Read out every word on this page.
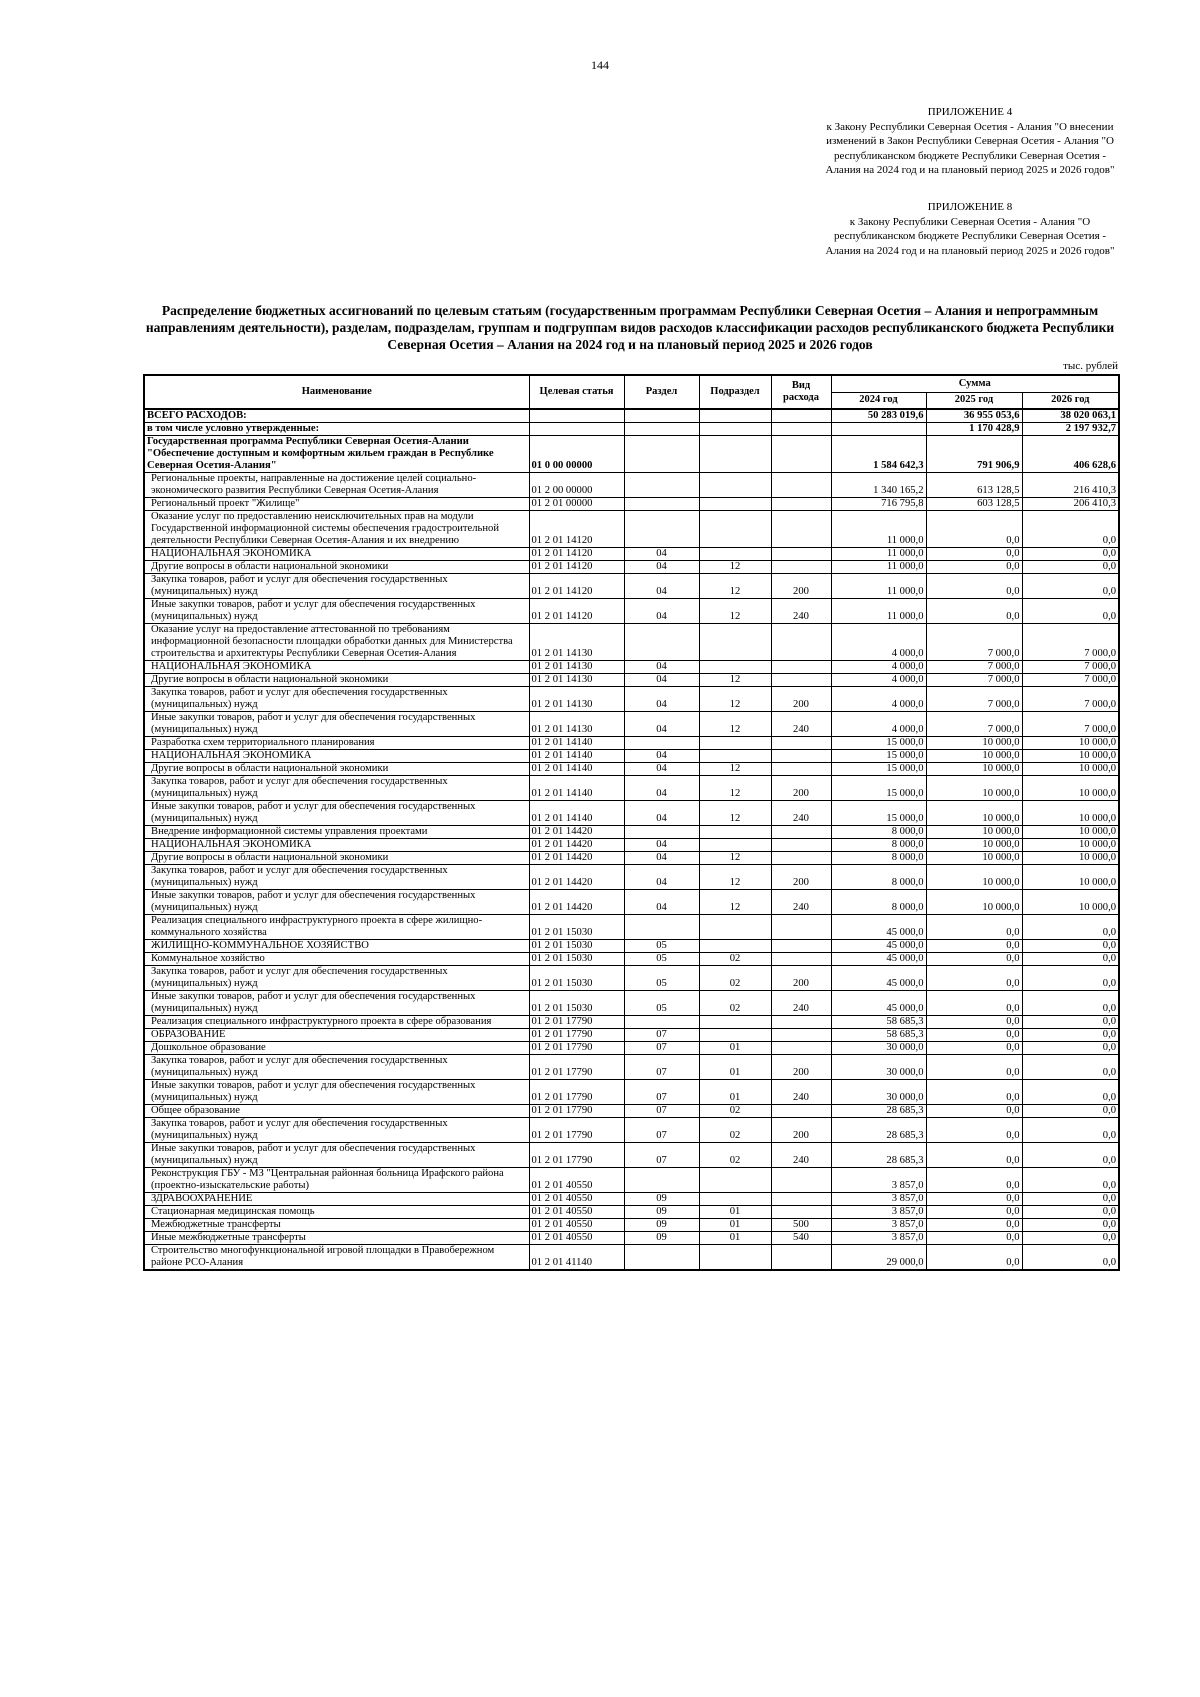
144
ПРИЛОЖЕНИЕ 4
к Закону Республики Северная Осетия - Алания "О внесении изменений в Закон Республики Северная Осетия - Алания "О республиканском бюджете Республики Северная Осетия - Алания на 2024 год и на плановый период 2025 и 2026 годов"
ПРИЛОЖЕНИЕ 8
к Закону Республики Северная Осетия - Алания "О республиканском бюджете Республики Северная Осетия - Алания на 2024 год и на плановый период 2025 и 2026 годов"
Распределение бюджетных ассигнований по целевым статьям (государственным программам Республики Северная Осетия – Алания и непрограммным направлениям деятельности), разделам, подразделам, группам и подгруппам видов расходов классификации расходов республиканского бюджета Республики Северная Осетия – Алания на 2024 год и на плановый период 2025 и 2026 годов
тыс. рублей
Наименование	Целевая статья	Раздел	Подраздел	Вид расхода	Сумма		
					2024 год	2025 год	2026 год
ВСЕГО РАСХОДОВ:					50 283 019,6	36 955 053,6	38 020 063,1
в том числе условно утвержденные:						1 170 428,9	2 197 932,7
Государственная программа Республики Северная Осетия-Алании "Обеспечение доступным и комфортным жильем граждан в Республике Северная Осетия-Алания"	01 0 00 00000				1 584 642,3	791 906,9	406 628,6
Региональные проекты, направленные на достижение целей социально-экономического развития Республики Северная Осетия-Алания	01 2 00 00000				1 340 165,2	613 128,5	216 410,3
Региональный проект "Жилище"	01 2 01 00000				716 795,8	603 128,5	206 410,3
Оказание услуг по предоставлению неисключительных прав на модули Государственной информационной системы обеспечения градостроительной деятельности Республики Северная Осетия-Алания и их внедрению	01 2 01 14120				11 000,0	0,0	0,0
НАЦИОНАЛЬНАЯ ЭКОНОМИКА	01 2 01 14120	04			11 000,0	0,0	0,0
Другие вопросы в области национальной экономики	01 2 01 14120	04	12		11 000,0	0,0	0,0
Закупка товаров, работ и услуг для обеспечения государственных (муниципальных) нужд	01 2 01 14120	04	12	200	11 000,0	0,0	0,0
Иные закупки товаров, работ и услуг для обеспечения государственных (муниципальных) нужд	01 2 01 14120	04	12	240	11 000,0	0,0	0,0
Оказание услуг на предоставление аттестованной по требованиям информационной безопасности площадки обработки данных для Министерства строительства и архитектуры Республики Северная Осетия-Алания	01 2 01 14130				4 000,0	7 000,0	7 000,0
НАЦИОНАЛЬНАЯ ЭКОНОМИКА	01 2 01 14130	04			4 000,0	7 000,0	7 000,0
Другие вопросы в области национальной экономики	01 2 01 14130	04	12		4 000,0	7 000,0	7 000,0
Закупка товаров, работ и услуг для обеспечения государственных (муниципальных) нужд	01 2 01 14130	04	12	200	4 000,0	7 000,0	7 000,0
Иные закупки товаров, работ и услуг для обеспечения государственных (муниципальных) нужд	01 2 01 14130	04	12	240	4 000,0	7 000,0	7 000,0
Разработка схем территориального планирования	01 2 01 14140				15 000,0	10 000,0	10 000,0
НАЦИОНАЛЬНАЯ ЭКОНОМИКА	01 2 01 14140	04			15 000,0	10 000,0	10 000,0
Другие вопросы в области национальной экономики	01 2 01 14140	04	12		15 000,0	10 000,0	10 000,0
Закупка товаров, работ и услуг для обеспечения государственных (муниципальных) нужд	01 2 01 14140	04	12	200	15 000,0	10 000,0	10 000,0
Иные закупки товаров, работ и услуг для обеспечения государственных (муниципальных) нужд	01 2 01 14140	04	12	240	15 000,0	10 000,0	10 000,0
Внедрение информационной системы управления проектами	01 2 01 14420				8 000,0	10 000,0	10 000,0
НАЦИОНАЛЬНАЯ ЭКОНОМИКА	01 2 01 14420	04			8 000,0	10 000,0	10 000,0
Другие вопросы в области национальной экономики	01 2 01 14420	04	12		8 000,0	10 000,0	10 000,0
Закупка товаров, работ и услуг для обеспечения государственных (муниципальных) нужд	01 2 01 14420	04	12	200	8 000,0	10 000,0	10 000,0
Иные закупки товаров, работ и услуг для обеспечения государственных (муниципальных) нужд	01 2 01 14420	04	12	240	8 000,0	10 000,0	10 000,0
Реализация специального инфраструктурного проекта в сфере жилищно-коммунального хозяйства	01 2 01 15030				45 000,0	0,0	0,0
ЖИЛИЩНО-КОММУНАЛЬНОЕ ХОЗЯЙСТВО	01 2 01 15030	05			45 000,0	0,0	0,0
Коммунальное хозяйство	01 2 01 15030	05	02		45 000,0	0,0	0,0
Закупка товаров, работ и услуг для обеспечения государственных (муниципальных) нужд	01 2 01 15030	05	02	200	45 000,0	0,0	0,0
Иные закупки товаров, работ и услуг для обеспечения государственных (муниципальных) нужд	01 2 01 15030	05	02	240	45 000,0	0,0	0,0
Реализация специального инфраструктурного проекта в сфере образования	01 2 01 17790				58 685,3	0,0	0,0
ОБРАЗОВАНИЕ	01 2 01 17790	07			58 685,3	0,0	0,0
Дошкольное образование	01 2 01 17790	07	01		30 000,0	0,0	0,0
Закупка товаров, работ и услуг для обеспечения государственных (муниципальных) нужд	01 2 01 17790	07	01	200	30 000,0	0,0	0,0
Иные закупки товаров, работ и услуг для обеспечения государственных (муниципальных) нужд	01 2 01 17790	07	01	240	30 000,0	0,0	0,0
Общее образование	01 2 01 17790	07	02		28 685,3	0,0	0,0
Закупка товаров, работ и услуг для обеспечения государственных (муниципальных) нужд	01 2 01 17790	07	02	200	28 685,3	0,0	0,0
Иные закупки товаров, работ и услуг для обеспечения государственных (муниципальных) нужд	01 2 01 17790	07	02	240	28 685,3	0,0	0,0
Реконструкция ГБУ - МЗ "Центральная районная больница Ирафского района (проектно-изыскательские работы)	01 2 01 40550				3 857,0	0,0	0,0
ЗДРАВООХРАНЕНИЕ	01 2 01 40550	09			3 857,0	0,0	0,0
Стационарная медицинская помощь	01 2 01 40550	09	01		3 857,0	0,0	0,0
Межбюджетные трансферты	01 2 01 40550	09	01	500	3 857,0	0,0	0,0
Иные межбюджетные трансферты	01 2 01 40550	09	01	540	3 857,0	0,0	0,0
Строительство многофункциональной игровой площадки в Правобережном районе РСО-Алания	01 2 01 41140				29 000,0	0,0	0,0
